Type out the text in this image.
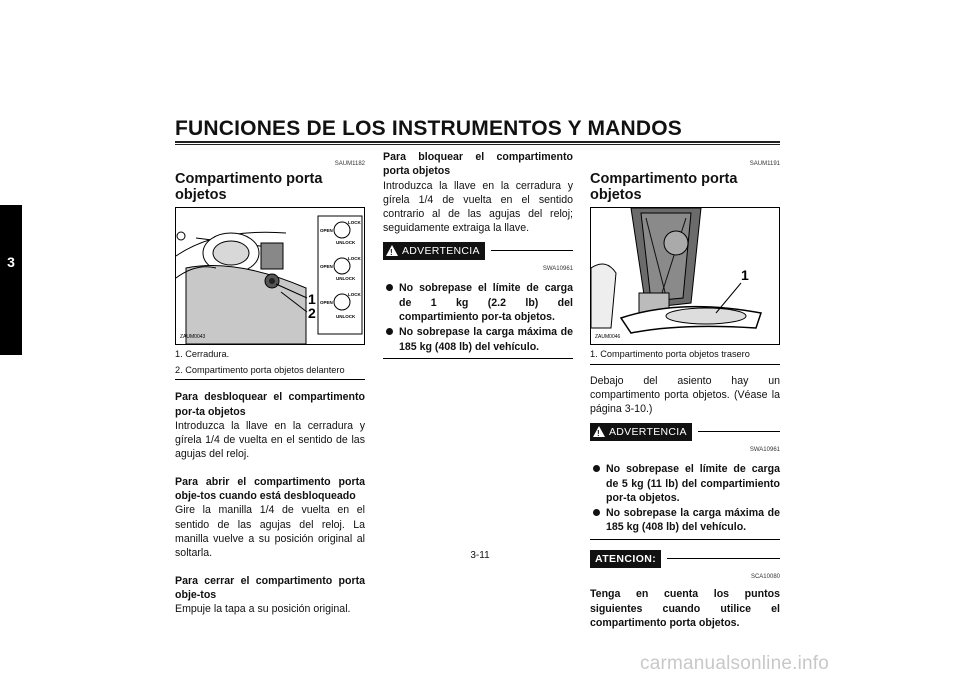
FUNCIONES DE LOS INSTRUMENTOS Y MANDOS
3
SAUM1182
Compartimento porta objetos
LOCK
OPEN
UNLOCK
LOCK
OPEN
UNLOCK
LOCK
OPEN
UNLOCK
1
2
ZAUM0043
1. Cerradura.
2. Compartimento porta objetos delantero

Para desbloquear el compartimento por-ta objetos

Introduzca la llave en la cerradura y gírela 1/4 de vuelta en el sentido de las agujas del reloj.

Para abrir el compartimento porta obje-tos cuando está desbloqueado

Gire la manilla 1/4 de vuelta en el sentido de las agujas del reloj. La manilla vuelve a su posición original al soltarla.

Para cerrar el compartimento porta obje-tos

Empuje la tapa a su posición original.

Para bloquear el compartimento porta objetos

Introduzca la llave en la cerradura y gírela 1/4 de vuelta en el sentido contrario al de las agujas del reloj; seguidamente extraiga la llave.

! ADVERTENCIA
SWA10961
No sobrepase el límite de carga de 1 kg (2.2 lb) del compartimiento por-ta objetos.
No sobrepase la carga máxima de 185 kg (408 lb) del vehículo.
SAUM1191
Compartimento porta objetos
1
ZAUM0046
1. Compartimento porta objetos trasero

Debajo del asiento hay un compartimento porta objetos. (Véase la página 3-10.)

! ADVERTENCIA
SWA10961
No sobrepase el límite de carga de 5 kg (11 lb) del compartimiento por-ta objetos.
No sobrepase la carga máxima de 185 kg (408 lb) del vehículo.
ATENCION:
SCA10080

Tenga en cuenta los puntos siguientes cuando utilice el compartimento porta objetos.

3-11
carmanualsonline.info
